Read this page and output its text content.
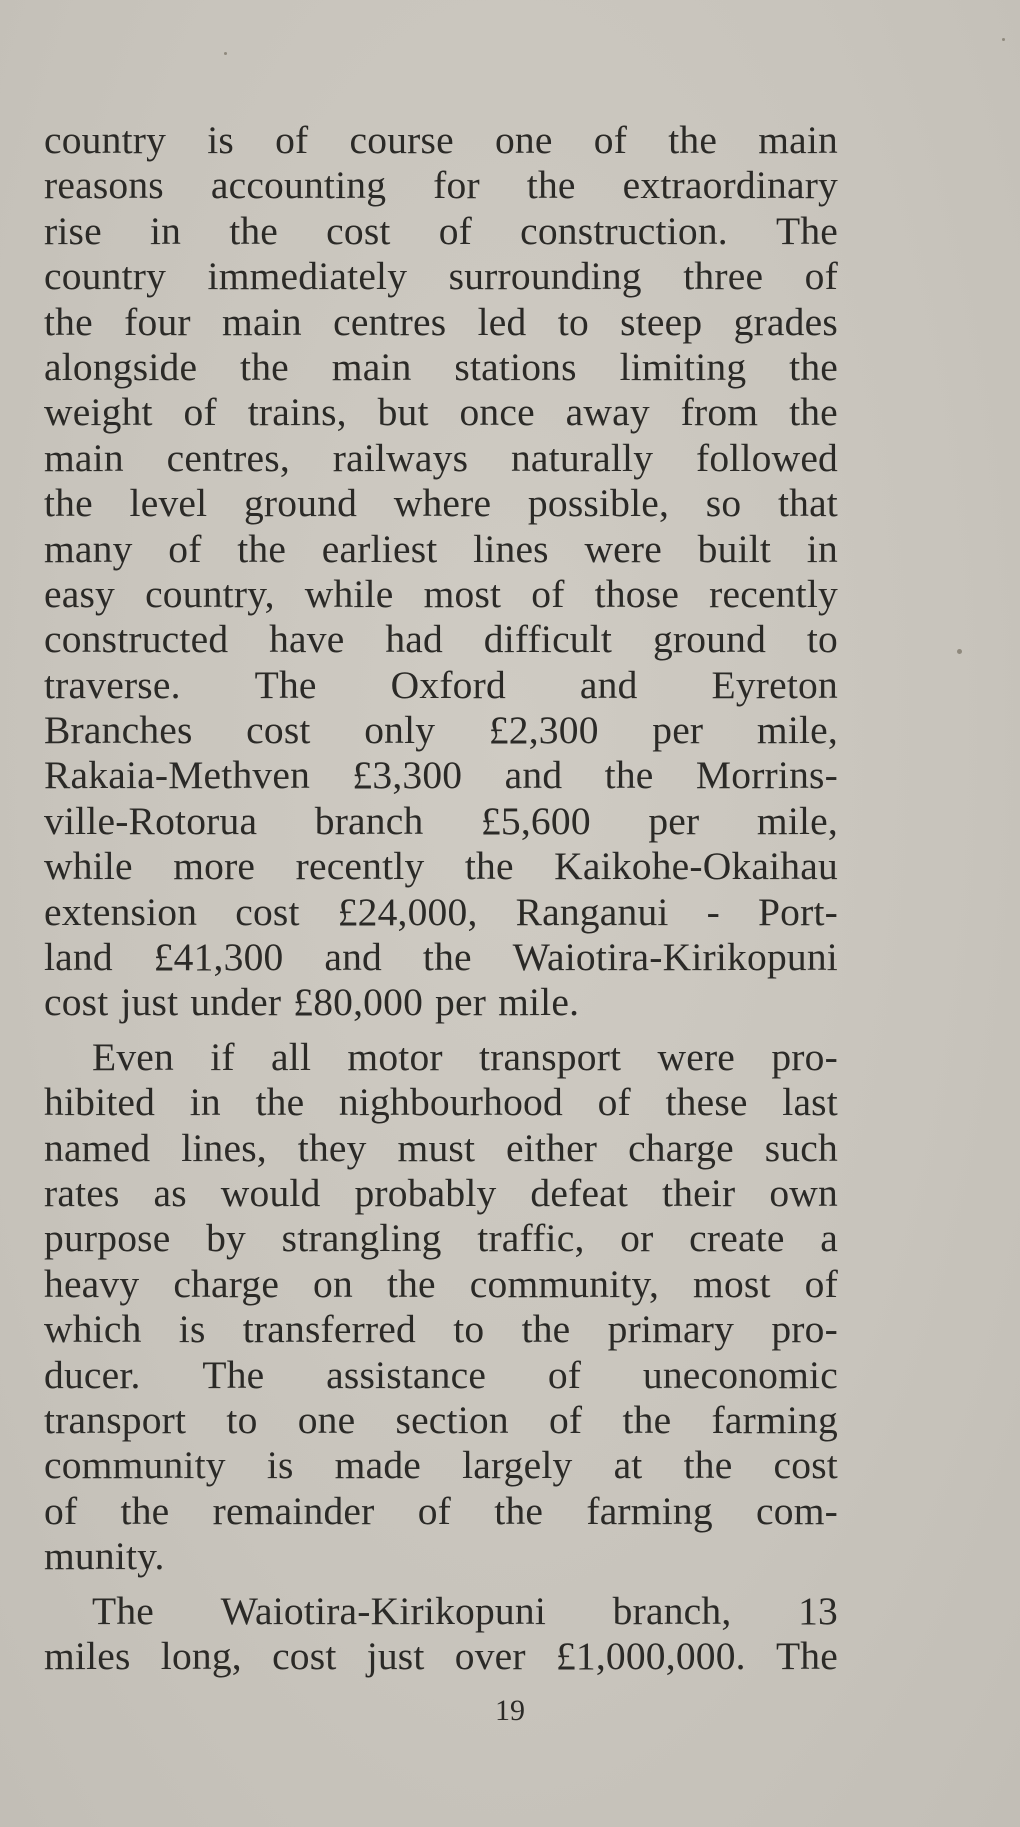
country is of course one of the main
reasons accounting for the extraordinary
rise in the cost of construction. The
country immediately surrounding three of
the four main centres led to steep grades
alongside the main stations limiting the
weight of trains, but once away from the
main centres, railways naturally followed
the level ground where possible, so that
many of the earliest lines were built in
easy country, while most of those recently
constructed have had difficult ground to
traverse. The Oxford and Eyreton
Branches cost only £2,300 per mile,
Rakaia-Methven £3,300 and the Morrins-
ville-Rotorua branch £5,600 per mile,
while more recently the Kaikohe-Okaihau
extension cost £24,000, Ranganui - Port-
land £41,300 and the Waiotira-Kirikopuni
cost just under £80,000 per mile.
Even if all motor transport were pro-
hibited in the nighbourhood of these last
named lines, they must either charge such
rates as would probably defeat their own
purpose by strangling traffic, or create a
heavy charge on the community, most of
which is transferred to the primary pro-
ducer. The assistance of uneconomic
transport to one section of the farming
community is made largely at the cost
of the remainder of the farming com-
munity.
The Waiotira-Kirikopuni branch, 13
miles long, cost just over £1,000,000. The
19
